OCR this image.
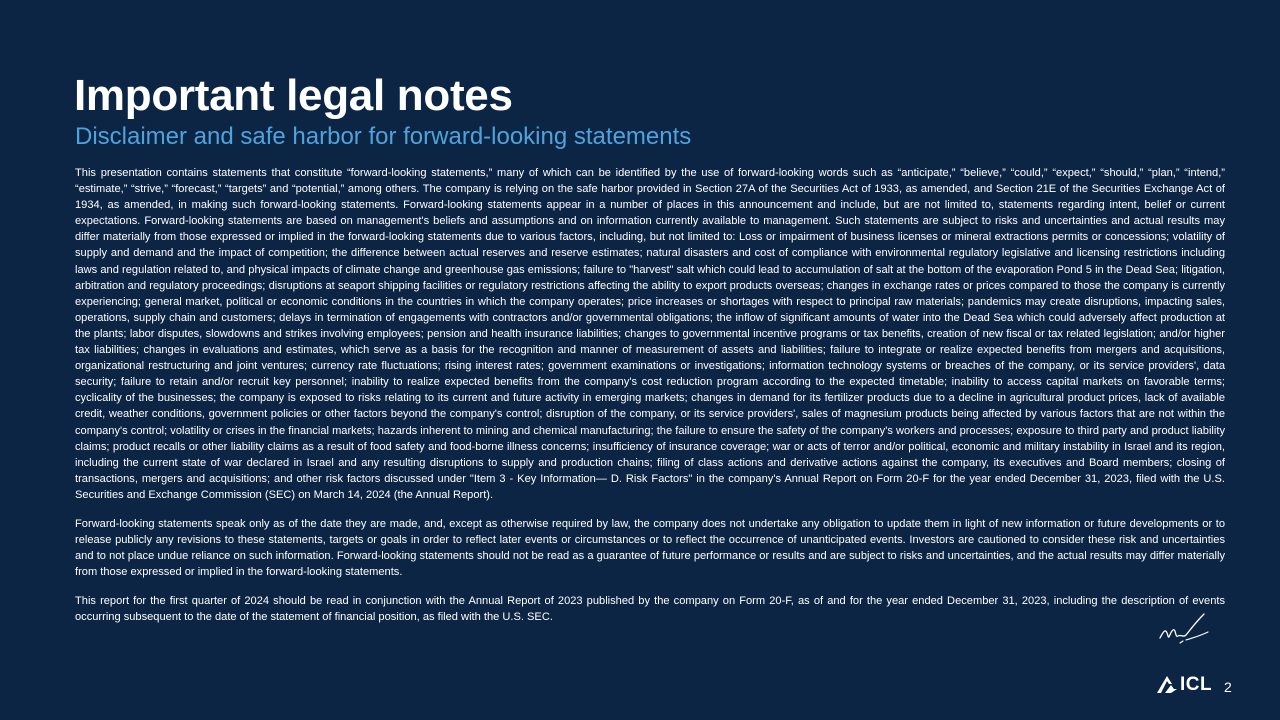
Important legal notes
Disclaimer and safe harbor for forward-looking statements

This presentation contains statements that constitute “forward-looking statements,” many of which can be identified by the use of forward-looking words such as “anticipate,” “believe,” “could,” “expect,” “should,” “plan,” “intend,” “estimate,” “strive,” “forecast,” “targets” and “potential,” among others. The company is relying on the safe harbor provided in Section 27A of the Securities Act of 1933, as amended, and Section 21E of the Securities Exchange Act of 1934, as amended, in making such forward-looking statements. Forward-looking statements appear in a number of places in this announcement and include, but are not limited to, statements regarding intent, belief or current expectations. Forward-looking statements are based on management's beliefs and assumptions and on information currently available to management. Such statements are subject to risks and uncertainties and actual results may differ materially from those expressed or implied in the forward-looking statements due to various factors, including, but not limited to: Loss or impairment of business licenses or mineral extractions permits or concessions; volatility of supply and demand and the impact of competition; the difference between actual reserves and reserve estimates; natural disasters and cost of compliance with environmental regulatory legislative and licensing restrictions including laws and regulation related to, and physical impacts of climate change and greenhouse gas emissions; failure to "harvest" salt which could lead to accumulation of salt at the bottom of the evaporation Pond 5 in the Dead Sea; litigation, arbitration and regulatory proceedings; disruptions at seaport shipping facilities or regulatory restrictions affecting the ability to export products overseas; changes in exchange rates or prices compared to those the company is currently experiencing; general market, political or economic conditions in the countries in which the company operates; price increases or shortages with respect to principal raw materials; pandemics may create disruptions, impacting sales, operations, supply chain and customers; delays in termination of engagements with contractors and/or governmental obligations; the inflow of significant amounts of water into the Dead Sea which could adversely affect production at the plants; labor disputes, slowdowns and strikes involving employees; pension and health insurance liabilities; changes to governmental incentive programs or tax benefits, creation of new fiscal or tax related legislation; and/or higher tax liabilities; changes in evaluations and estimates, which serve as a basis for the recognition and manner of measurement of assets and liabilities; failure to integrate or realize expected benefits from mergers and acquisitions, organizational restructuring and joint ventures; currency rate fluctuations; rising interest rates; government examinations or investigations; information technology systems or breaches of the company, or its service providers', data security; failure to retain and/or recruit key personnel; inability to realize expected benefits from the company's cost reduction program according to the expected timetable; inability to access capital markets on favorable terms; cyclicality of the businesses; the company is exposed to risks relating to its current and future activity in emerging markets; changes in demand for its fertilizer products due to a decline in agricultural product prices, lack of available credit, weather conditions, government policies or other factors beyond the company's control; disruption of the company, or its service providers', sales of magnesium products being affected by various factors that are not within the company's control; volatility or crises in the financial markets; hazards inherent to mining and chemical manufacturing; the failure to ensure the safety of the company's workers and processes; exposure to third party and product liability claims; product recalls or other liability claims as a result of food safety and food-borne illness concerns; insufficiency of insurance coverage; war or acts of terror and/or political, economic and military instability in Israel and its region, including the current state of war declared in Israel and any resulting disruptions to supply and production chains; filing of class actions and derivative actions against the company, its executives and Board members; closing of transactions, mergers and acquisitions; and other risk factors discussed under "Item 3 - Key Information— D. Risk Factors" in the company's Annual Report on Form 20-F for the year ended December 31, 2023, filed with the U.S. Securities and Exchange Commission (SEC) on March 14, 2024 (the Annual Report).

Forward-looking statements speak only as of the date they are made, and, except as otherwise required by law, the company does not undertake any obligation to update them in light of new information or future developments or to release publicly any revisions to these statements, targets or goals in order to reflect later events or circumstances or to reflect the occurrence of unanticipated events. Investors are cautioned to consider these risk and uncertainties and to not place undue reliance on such information. Forward-looking statements should not be read as a guarantee of future performance or results and are subject to risks and uncertainties, and the actual results may differ materially from those expressed or implied in the forward-looking statements.

This report for the first quarter of 2024 should be read in conjunction with the Annual Report of 2023 published by the company on Form 20-F, as of and for the year ended December 31, 2023, including the description of events occurring subsequent to the date of the statement of financial position, as filed with the U.S. SEC.

ICL 2
